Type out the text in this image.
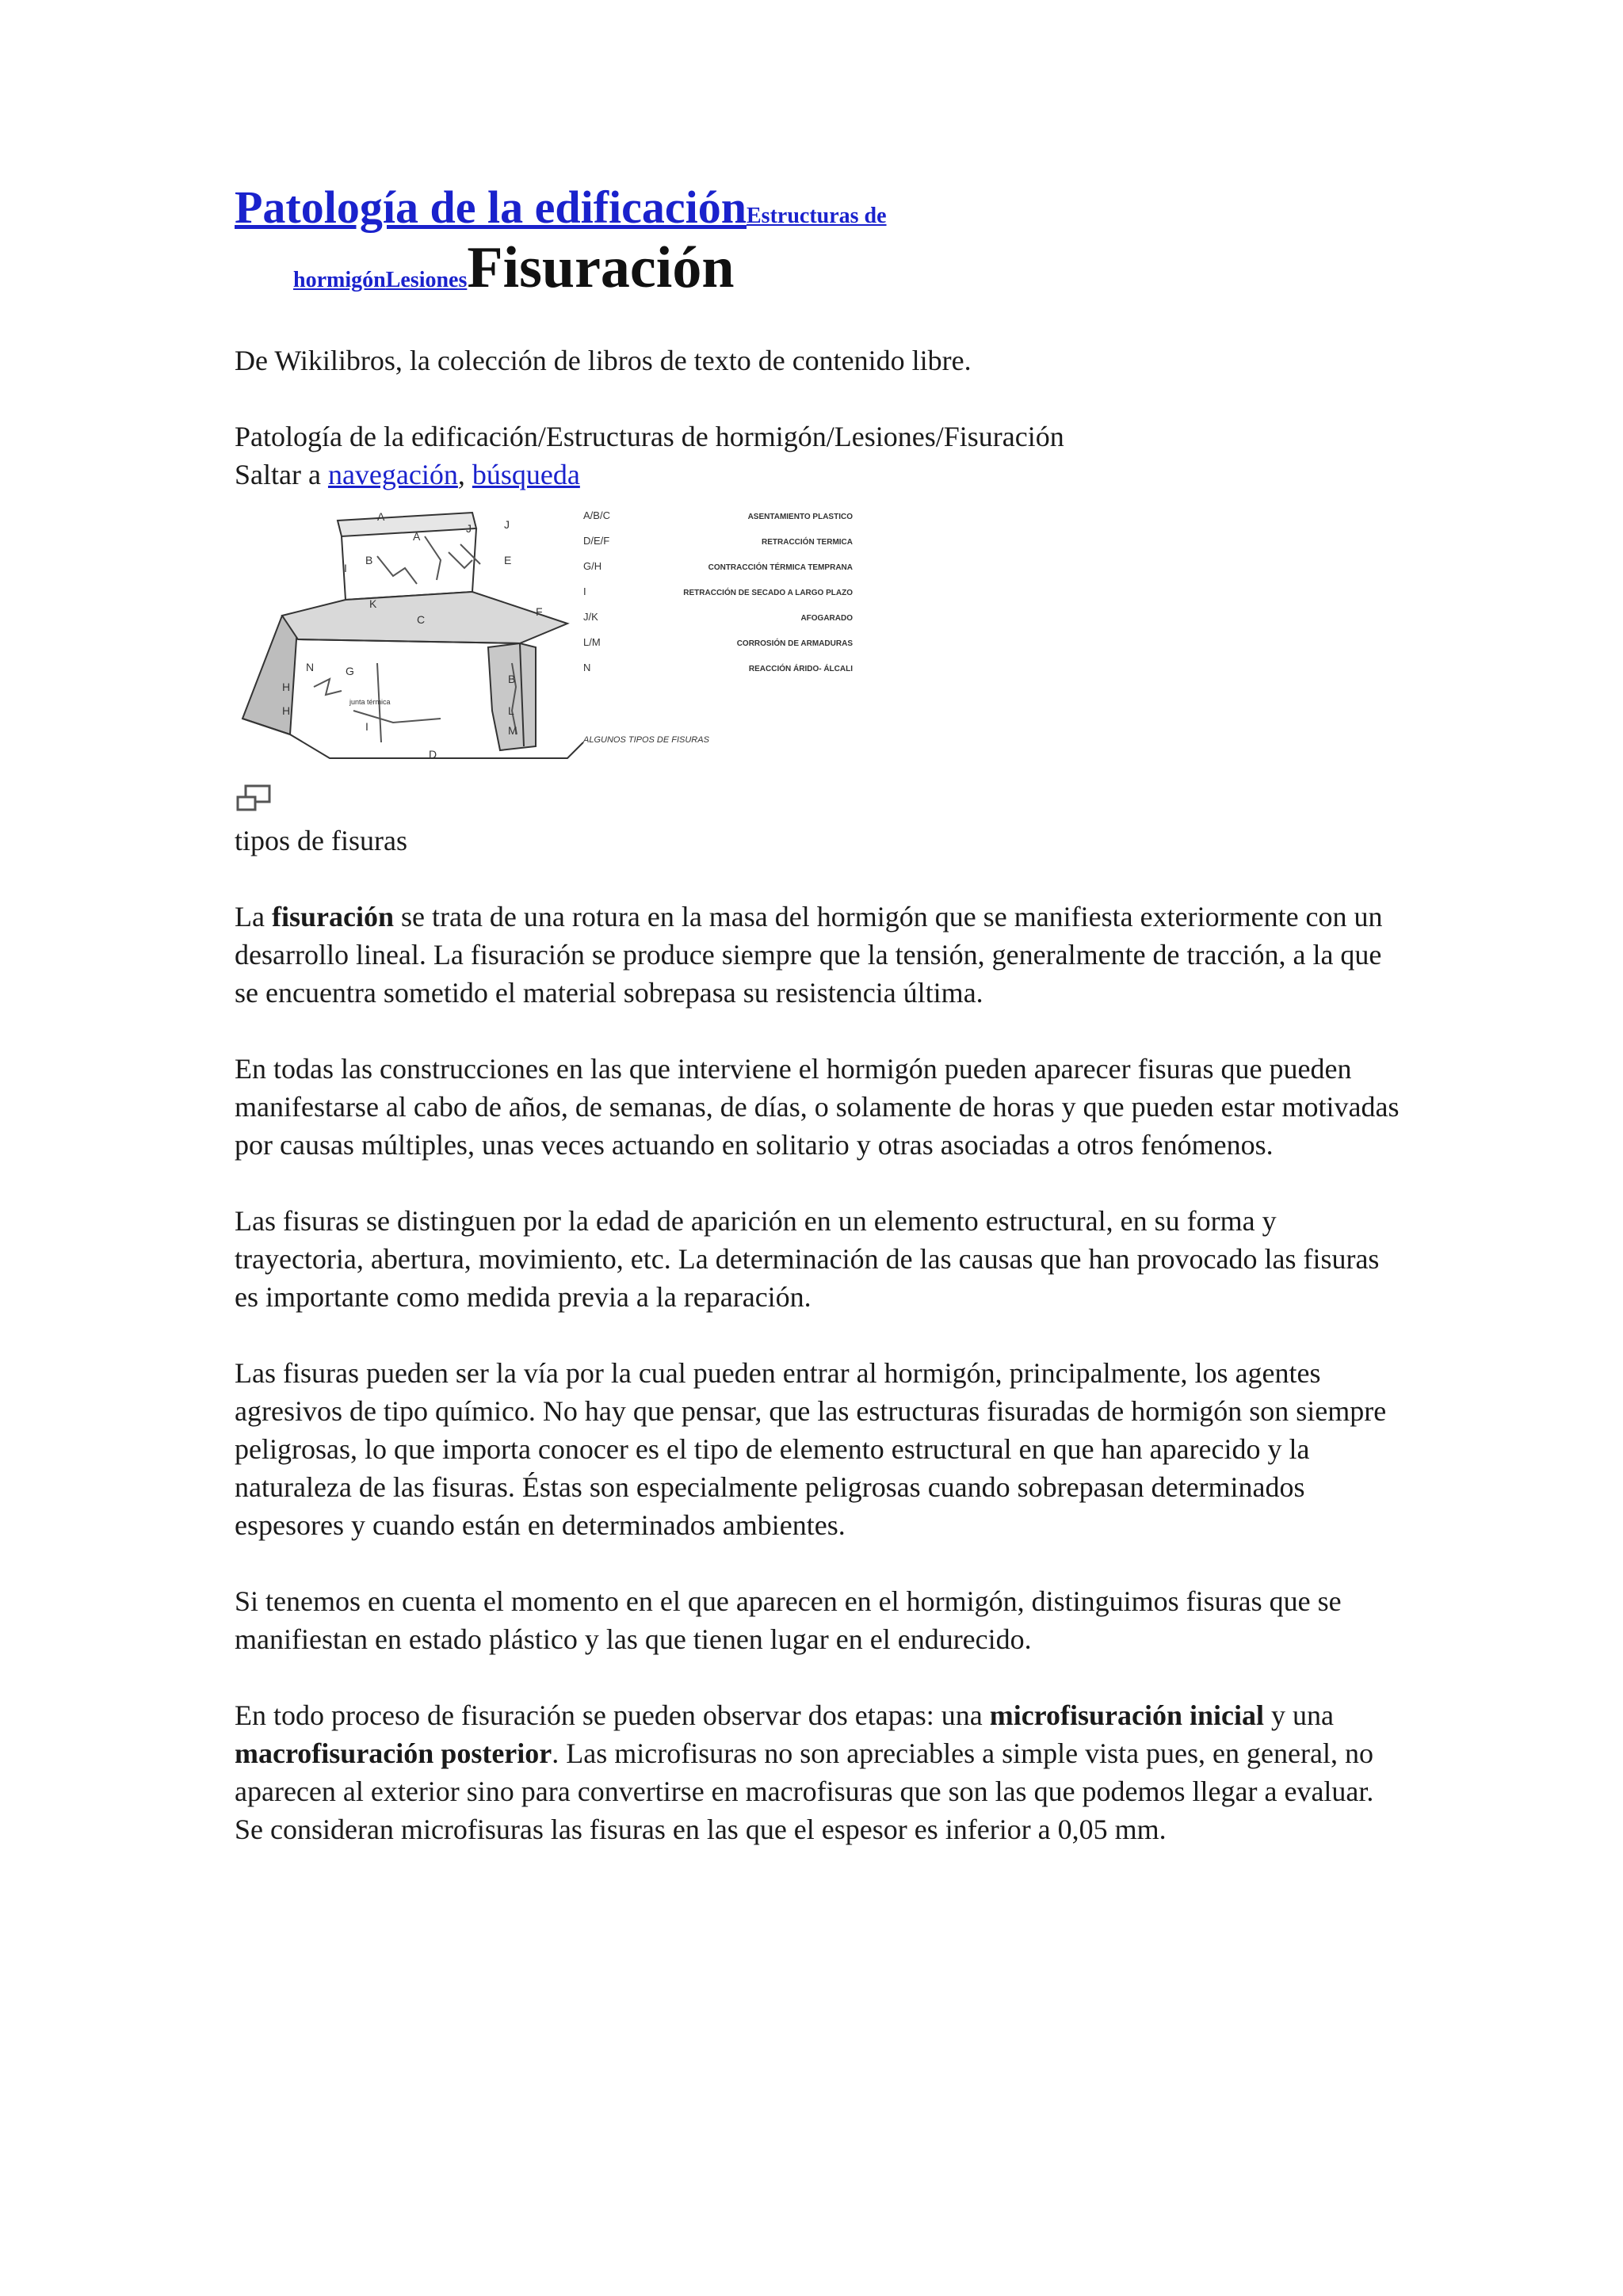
Patología de la edificaciónEstructuras de
hormigónLesionesFisuración

De Wikilibros, la colección de libros de texto de contenido libre.

Patología de la edificación/Estructuras de hormigón/Lesiones/Fisuración

Saltar a navegación, búsqueda

A
A
B
I
J
E
K
C
F
N
H
H
G
I
D
B
L
M
J
junta térmica
A/B/C	ASENTAMIENTO PLASTICO
D/E/F	RETRACCIÓN TERMICA
G/H	CONTRACCIÓN TÉRMICA TEMPRANA
I	RETRACCIÓN DE SECADO A LARGO PLAZO
J/K	AFOGARADO
L/M	CORROSIÓN DE ARMADURAS
N	REACCIÓN ÁRIDO- ÁLCALI
ALGUNOS TIPOS DE FISURAS

tipos de fisuras

La fisuración se trata de una rotura en la masa del hormigón que se manifiesta exteriormente con un desarrollo lineal. La fisuración se produce siempre que la tensión, generalmente de tracción, a la que se encuentra sometido el material sobrepasa su resistencia última.

En todas las construcciones en las que interviene el hormigón pueden aparecer fisuras que pueden manifestarse al cabo de años, de semanas, de días, o solamente de horas y que pueden estar motivadas por causas múltiples, unas veces actuando en solitario y otras asociadas a otros fenómenos.

Las fisuras se distinguen por la edad de aparición en un elemento estructural, en su forma y trayectoria, abertura, movimiento, etc. La determinación de las causas que han provocado las fisuras es importante como medida previa a la reparación.

Las fisuras pueden ser la vía por la cual pueden entrar al hormigón, principalmente, los agentes agresivos de tipo químico. No hay que pensar, que las estructuras fisuradas de hormigón son siempre peligrosas, lo que importa conocer es el tipo de elemento estructural en que han aparecido y la naturaleza de las fisuras. Éstas son especialmente peligrosas cuando sobrepasan determinados espesores y cuando están en determinados ambientes.

Si tenemos en cuenta el momento en el que aparecen en el hormigón, distinguimos fisuras que se manifiestan en estado plástico y las que tienen lugar en el endurecido.

En todo proceso de fisuración se pueden observar dos etapas: una microfisuración inicial y una macrofisuración posterior. Las microfisuras no son apreciables a simple vista pues, en general, no aparecen al exterior sino para convertirse en macrofisuras que son las que podemos llegar a evaluar. Se consideran microfisuras las fisuras en las que el espesor es inferior a 0,05 mm.
